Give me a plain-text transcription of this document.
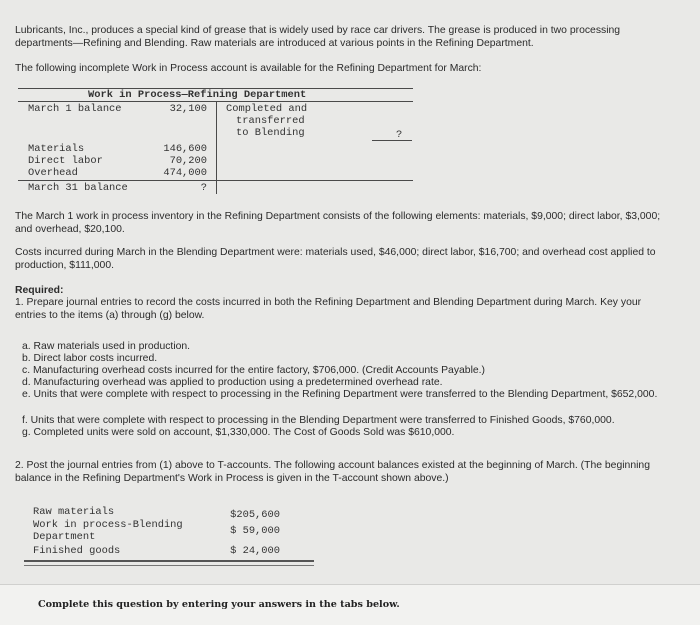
Lubricants, Inc., produces a special kind of grease that is widely used by race car drivers. The grease is produced in two processing departments—Refining and Blending. Raw materials are introduced at various points in the Refining Department.

The following incomplete Work in Process account is available for the Refining Department for March:

Work in Process—Refining Department
March 1 balance	32,100 Completed and
transferred
to Blending	?
Materials	146,600
Direct labor	70,200
Overhead	474,000
March 31 balance	?

The March 1 work in process inventory in the Refining Department consists of the following elements: materials, $9,000; direct labor, $3,000; and overhead, $20,100.

Costs incurred during March in the Blending Department were: materials used, $46,000; direct labor, $16,700; and overhead cost applied to production, $111,000.

Required:

1. Prepare journal entries to record the costs incurred in both the Refining Department and Blending Department during March. Key your entries to the items (a) through (g) below.

a. Raw materials used in production.
b. Direct labor costs incurred.
c. Manufacturing overhead costs incurred for the entire factory, $706,000. (Credit Accounts Payable.)
d. Manufacturing overhead was applied to production using a predetermined overhead rate.
e. Units that were complete with respect to processing in the Refining Department were transferred to the Blending Department, $652,000.
f. Units that were complete with respect to processing in the Blending Department were transferred to Finished Goods, $760,000.
g. Completed units were sold on account, $1,330,000. The Cost of Goods Sold was $610,000.

2. Post the journal entries from (1) above to T-accounts. The following account balances existed at the beginning of March. (The beginning balance in the Refining Department's Work in Process is given in the T-account shown above.)

Raw materials	$205,600
Work in process-Blending
Department	$ 59,000
Finished goods	$ 24,000
Complete this question by entering your answers in the tabs below.
